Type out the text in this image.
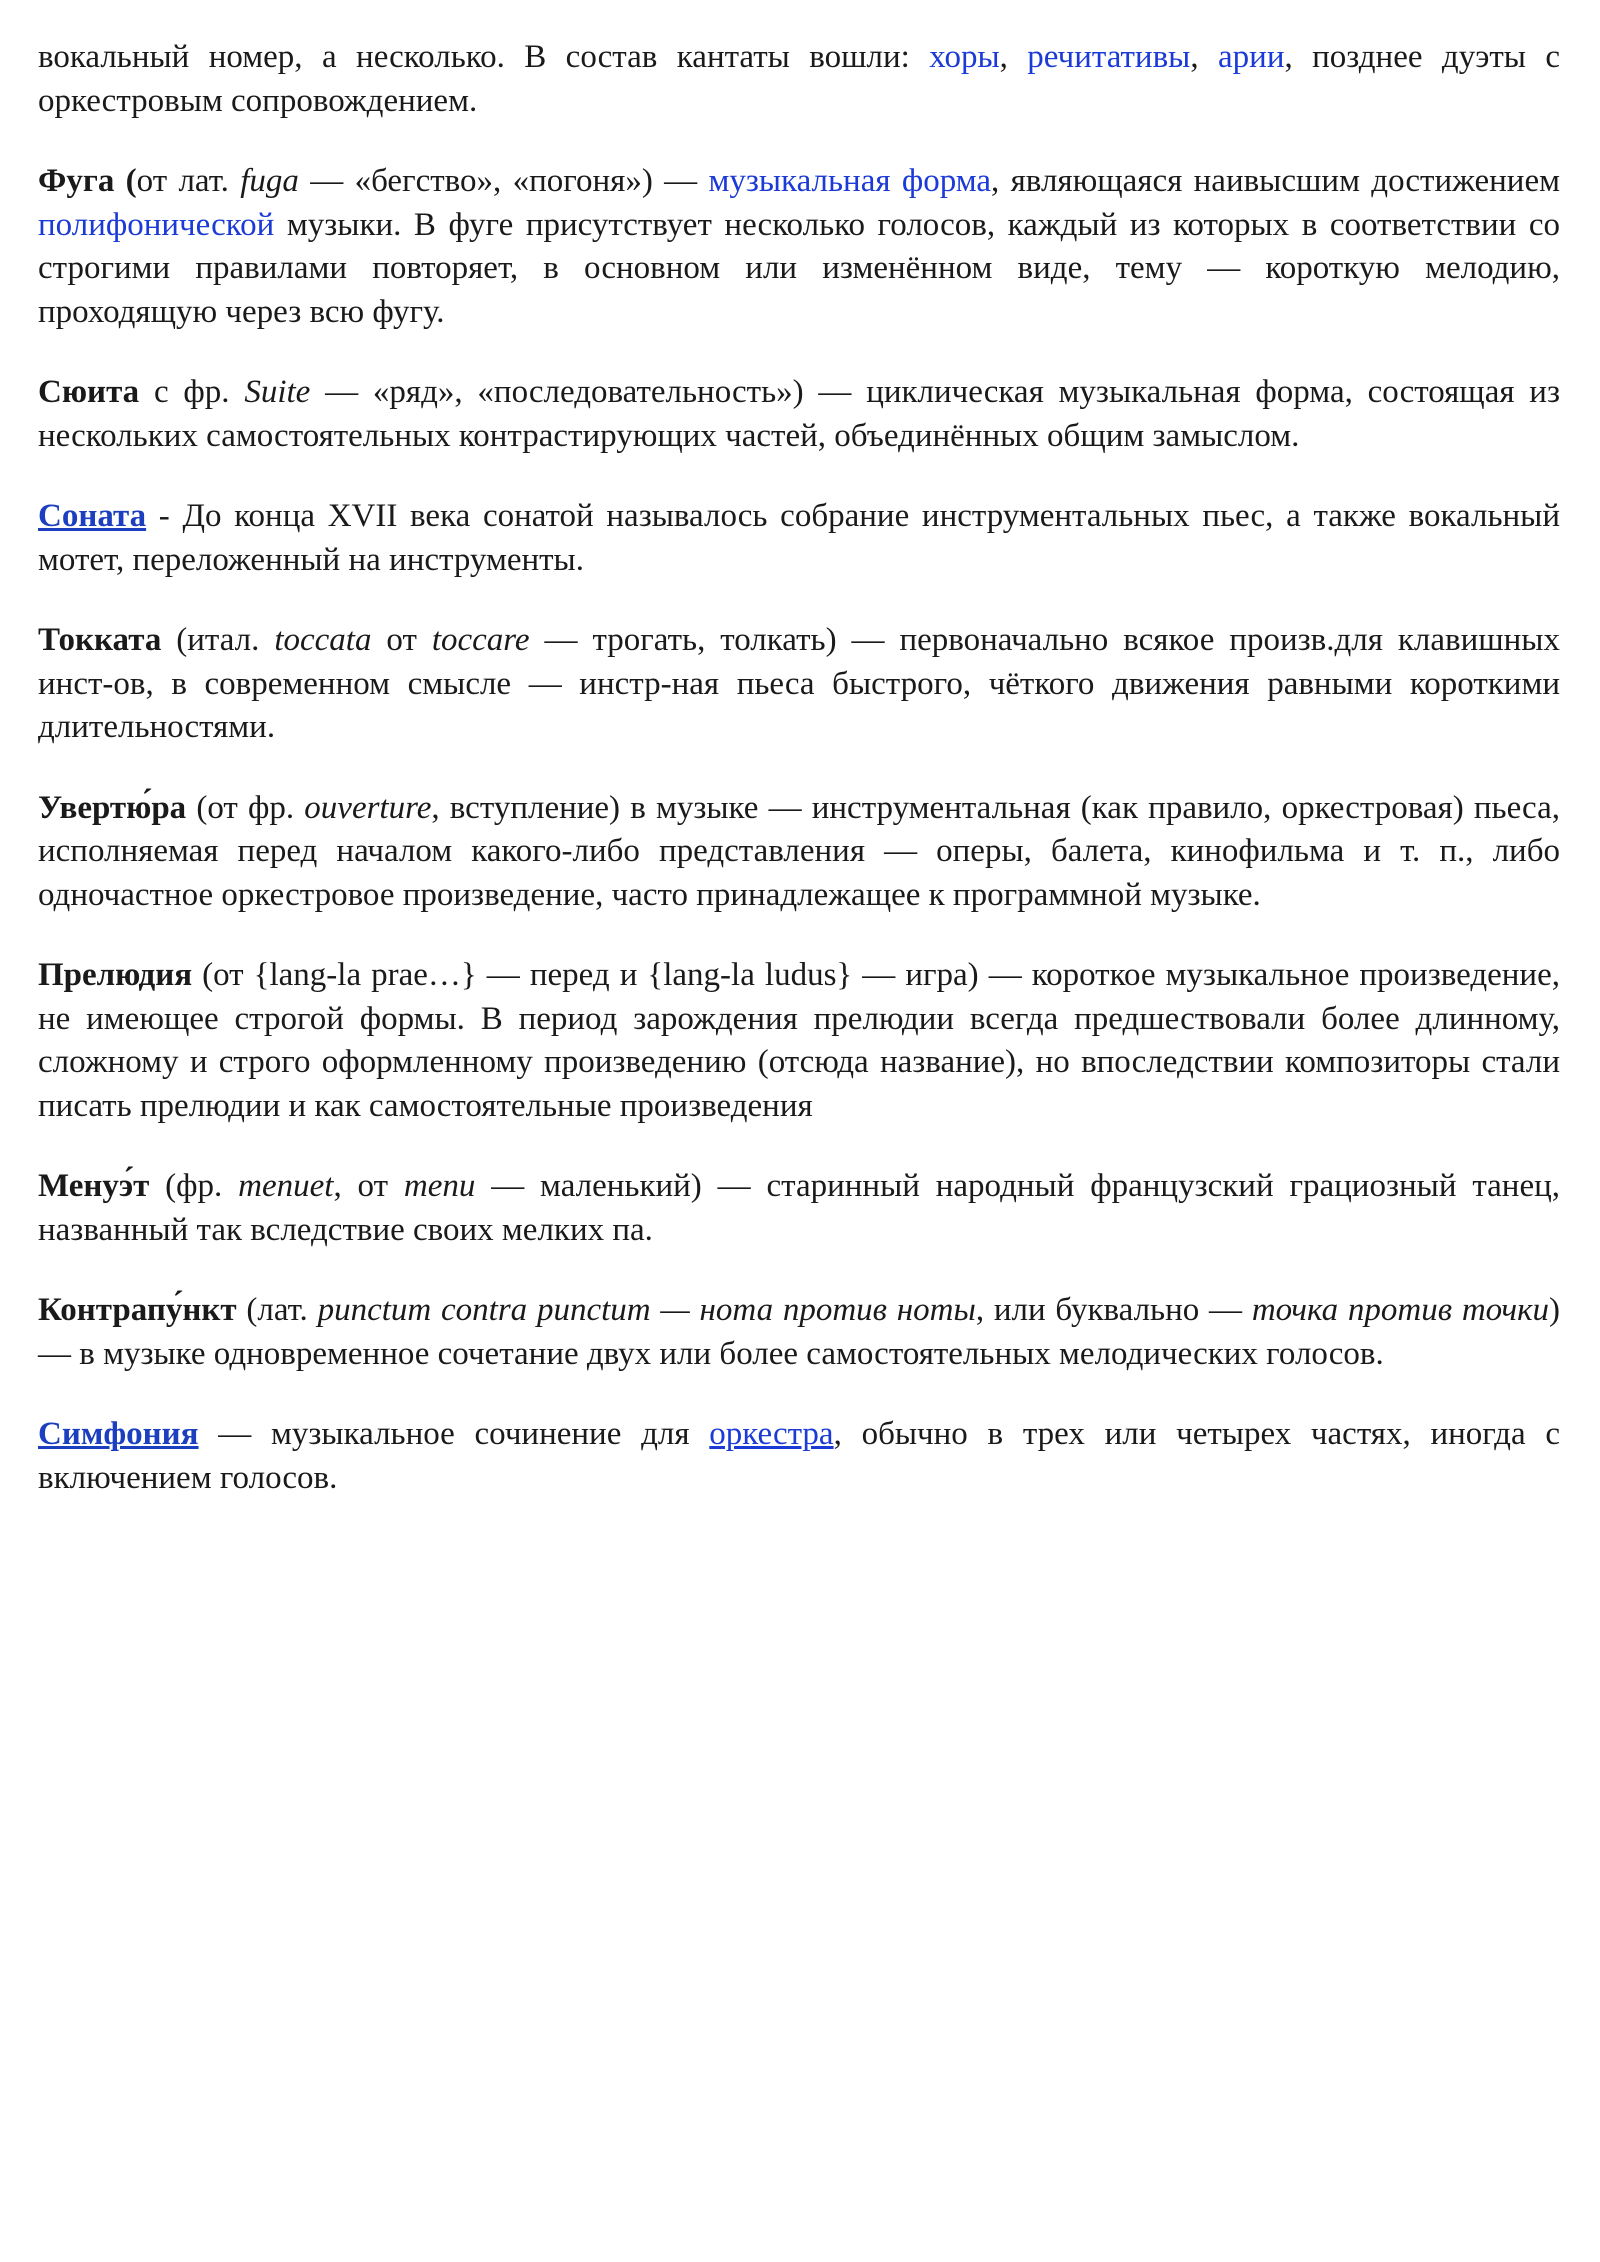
вокальный номер, а несколько. В состав кантаты вошли: хоры, речитативы, арии, позднее дуэты с оркестровым сопровождением.

Фуга (от лат. fuga — «бегство», «погоня») — музыкальная форма, являющаяся наивысшим достижением полифонической музыки. В фуге присутствует несколько голосов, каждый из которых в соответствии со строгими правилами повторяет, в основном или изменённом виде, тему — короткую мелодию, проходящую через всю фугу.

Сюита с фр. Suite — «ряд», «последовательность») — циклическая музыкальная форма, состоящая из нескольких самостоятельных контрастирующих частей, объединённых общим замыслом.

Соната - До конца XVII века сонатой называлось собрание инструментальных пьес, а также вокальный мотет, переложенный на инструменты.

Токката (итал. toccata от toccare — трогать, толкать) — первоначально всякое произв.для клавишных инст-ов, в современном смысле — инстр-ная пьеса быстрого, чёткого движения равными короткими длительностями.

Увертю́ра (от фр. ouverture, вступление) в музыке — инструментальная (как правило, оркестровая) пьеса, исполняемая перед началом какого-либо представления — оперы, балета, кинофильма и т. п., либо одночастное оркестровое произведение, часто принадлежащее к программной музыке.

Прелюдия (от {lang-la prae…} — перед и {lang-la ludus} — игра) — короткое музыкальное произведение, не имеющее строгой формы. В период зарождения прелюдии всегда предшествовали более длинному, сложному и строго оформленному произведению (отсюда название), но впоследствии композиторы стали писать прелюдии и как самостоятельные произведения

Менуэ́т (фр. menuet, от menu — маленький) — старинный народный французский грациозный танец, названный так вследствие своих мелких па.

Контрапу́нкт (лат. punctum contra punctum — нота против ноты, или буквально — точка против точки) — в музыке одновременное сочетание двух или более самостоятельных мелодических голосов.

Симфония — музыкальное сочинение для оркестра, обычно в трех или четырех частях, иногда с включением голосов.
